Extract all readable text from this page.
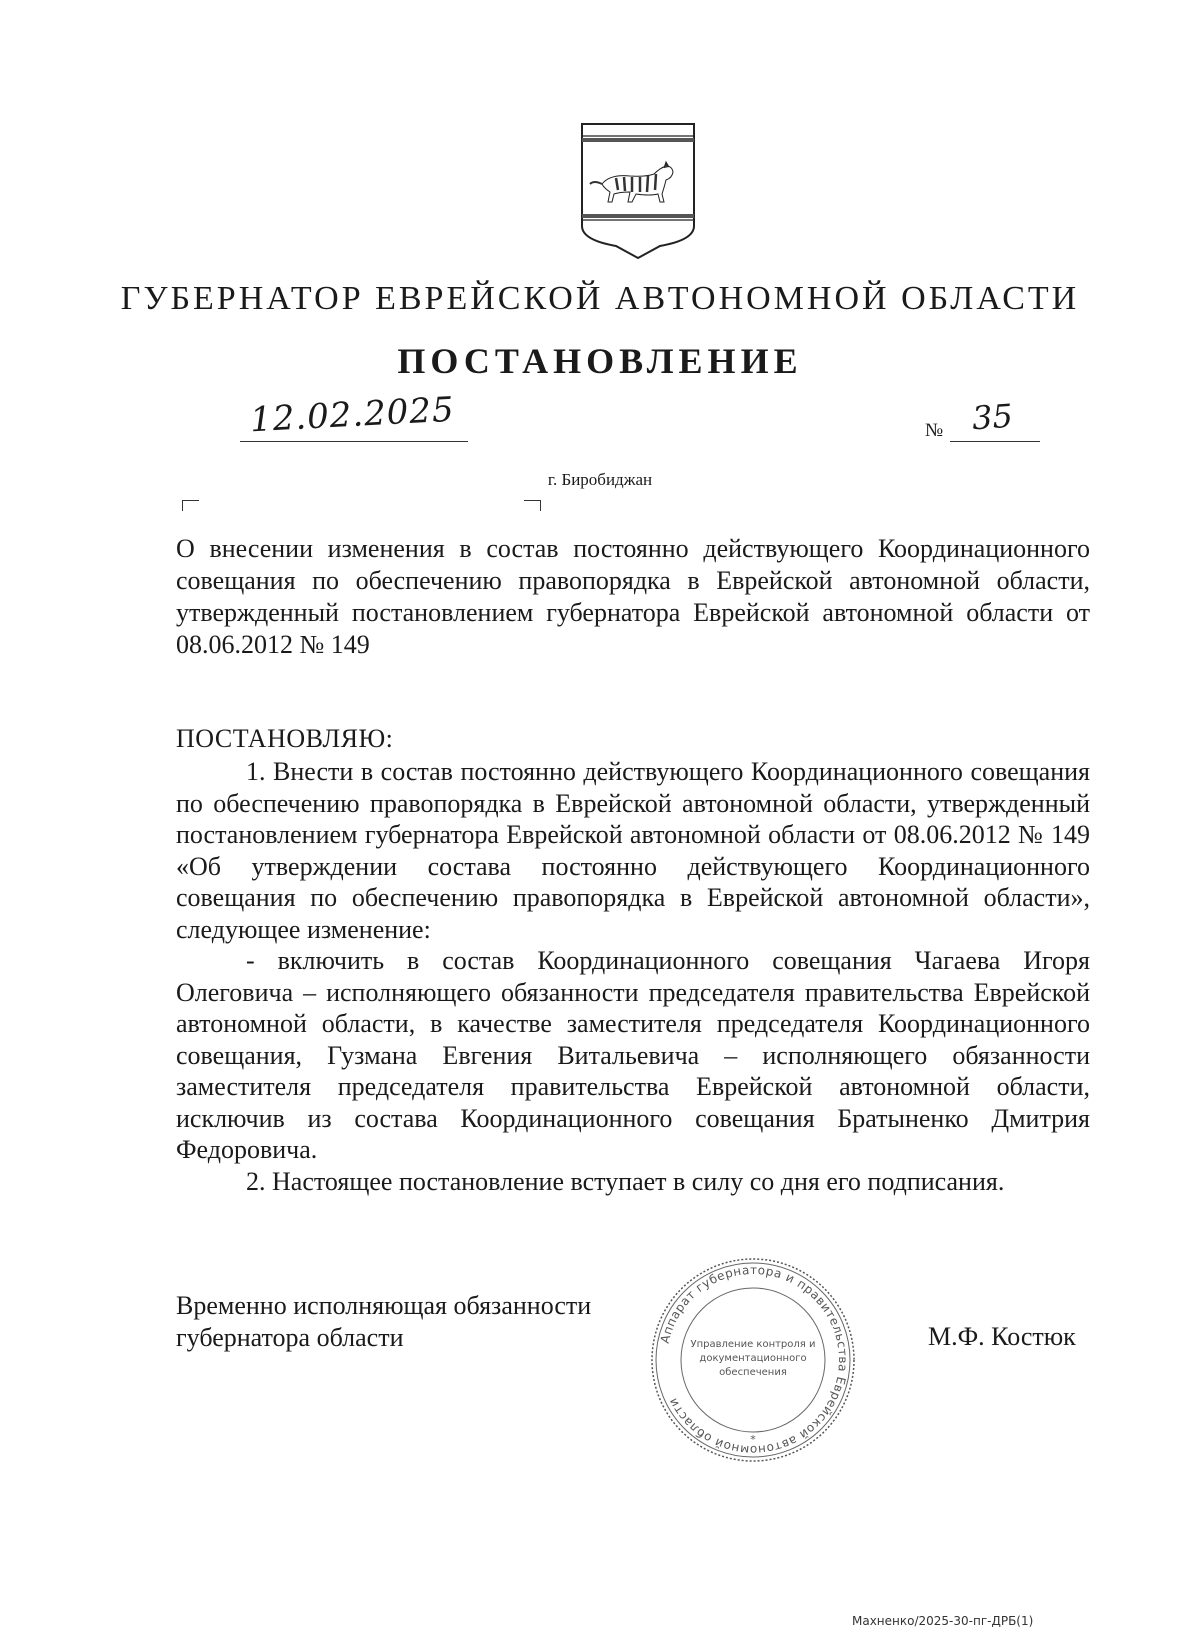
ГУБЕРНАТОР ЕВРЕЙСКОЙ АВТОНОМНОЙ ОБЛАСТИ
ПОСТАНОВЛЕНИЕ
12.02.2025	№ 35
г. Биробиджан
О внесении изменения в состав постоянно действующего Координационного совещания по обеспечению правопорядка в Еврейской автономной области, утвержденный постановлением губернатора Еврейской автономной области от 08.06.2012 № 149
ПОСТАНОВЛЯЮ:

1. Внести в состав постоянно действующего Координационного совещания по обеспечению правопорядка в Еврейской автономной области, утвержденный постановлением губернатора Еврейской автономной области от 08.06.2012 № 149 «Об утверждении состава постоянно действующего Координационного совещания по обеспечению правопорядка в Еврейской автономной области», следующее изменение:

- включить в состав Координационного совещания Чагаева Игоря Олеговича – исполняющего обязанности председателя правительства Еврейской автономной области, в качестве заместителя председателя Координационного совещания, Гузмана Евгения Витальевича – исполняющего обязанности заместителя председателя правительства Еврейской автономной области, исключив из состава Координационного совещания Братыненко Дмитрия Федоровича.

2. Настоящее постановление вступает в силу со дня его подписания.

Временно исполняющая обязанности
губернатора области	Аппарат губернатора и правительства Еврейской автономной области
Управление контроля и
документационного
обеспечения
*
М.Ф. Костюк
Махненко/2025-30-пг-ДРБ(1)
